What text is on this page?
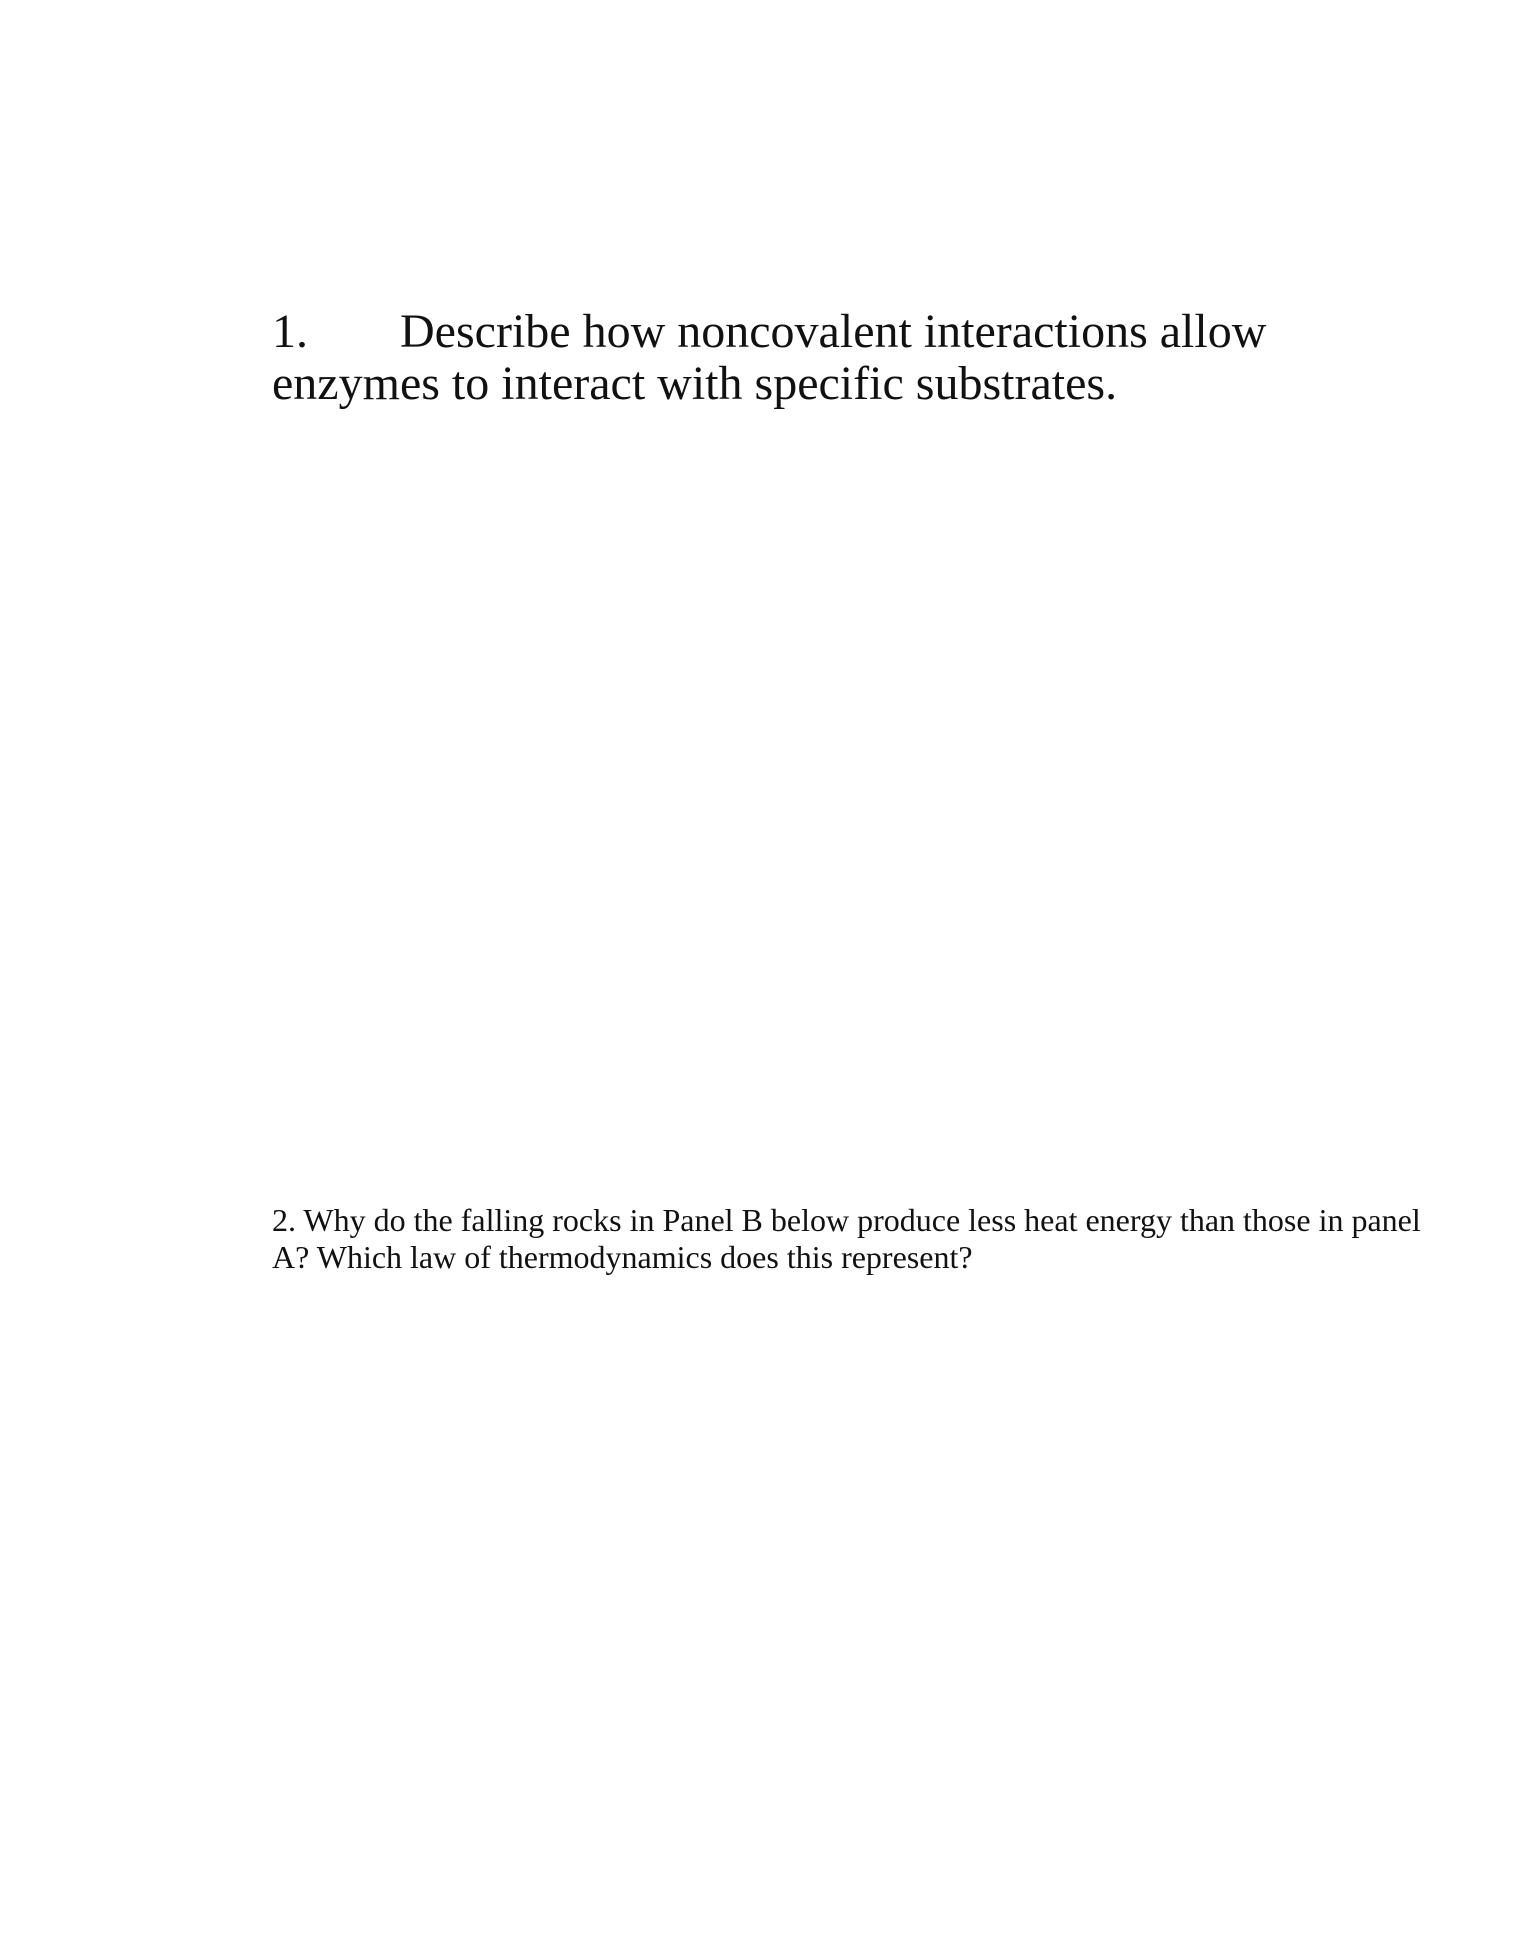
1. Describe how noncovalent interactions allow
enzymes to interact with specific substrates.
2. Why do the falling rocks in Panel B below produce less heat energy than those in panel
A? Which law of thermodynamics does this represent?
